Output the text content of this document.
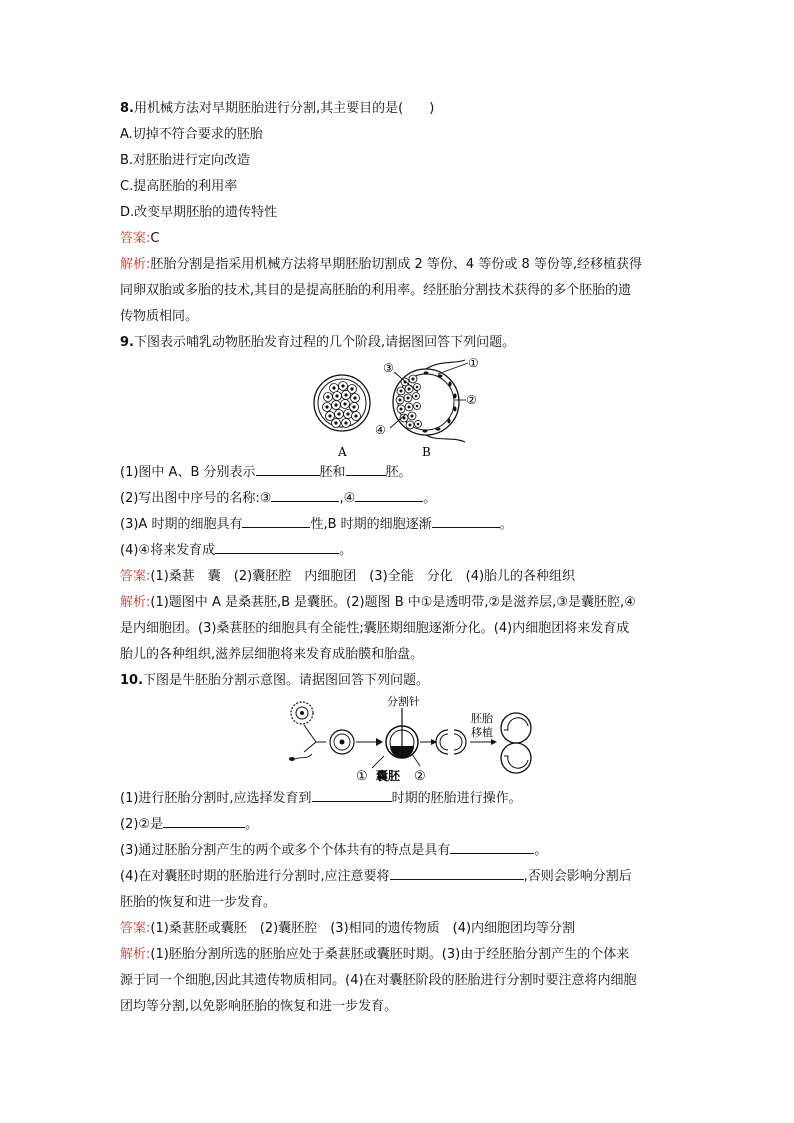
8.用机械方法对早期胚胎进行分割,其主要目的是(　　)
A.切掉不符合要求的胚胎
B.对胚胎进行定向改造
C.提高胚胎的利用率
D.改变早期胚胎的遗传特性
答案:C
解析:胚胎分割是指采用机械方法将早期胚胎切割成 2 等份、4 等份或 8 等份等,经移植获得
同卵双胎或多胎的技术,其目的是提高胚胎的利用率。经胚胎分割技术获得的多个胚胎的遗
传物质相同。
9.下图表示哺乳动物胚胎发育过程的几个阶段,请据图回答下列问题。
A
①
②
③
④
B
(1)图中 A、B 分别表示	胚和	胚。
(2)写出图中序号的名称:③	,④	。
(3)A 时期的细胞具有	性,B 时期的细胞逐渐	。
(4)④将来发育成	。
答案:(1)桑葚　囊　(2)囊胚腔　内细胞团　(3)全能　分化　(4)胎儿的各种组织
解析:(1)题图中 A 是桑葚胚,B 是囊胚。(2)题图 B 中①是透明带,②是滋养层,③是囊胚腔,④
是内细胞团。(3)桑葚胚的细胞具有全能性;囊胚期细胞逐渐分化。(4)内细胞团将来发育成
胎儿的各种组织,滋养层细胞将来发育成胎膜和胎盘。
10.下图是牛胚胎分割示意图。请据图回答下列问题。
分割针
① 囊胚 ②
胚胎
移植
(1)进行胚胎分割时,应选择发育到	时期的胚胎进行操作。
(2)②是	。
(3)通过胚胎分割产生的两个或多个个体共有的特点是具有	。
(4)在对囊胚时期的胚胎进行分割时,应注意要将	,否则会影响分割后
胚胎的恢复和进一步发育。
答案:(1)桑葚胚或囊胚　(2)囊胚腔　(3)相同的遗传物质　(4)内细胞团均等分割
解析:(1)胚胎分割所选的胚胎应处于桑葚胚或囊胚时期。(3)由于经胚胎分割产生的个体来
源于同一个细胞,因此其遗传物质相同。(4)在对囊胚阶段的胚胎进行分割时要注意将内细胞
团均等分割,以免影响胚胎的恢复和进一步发育。
